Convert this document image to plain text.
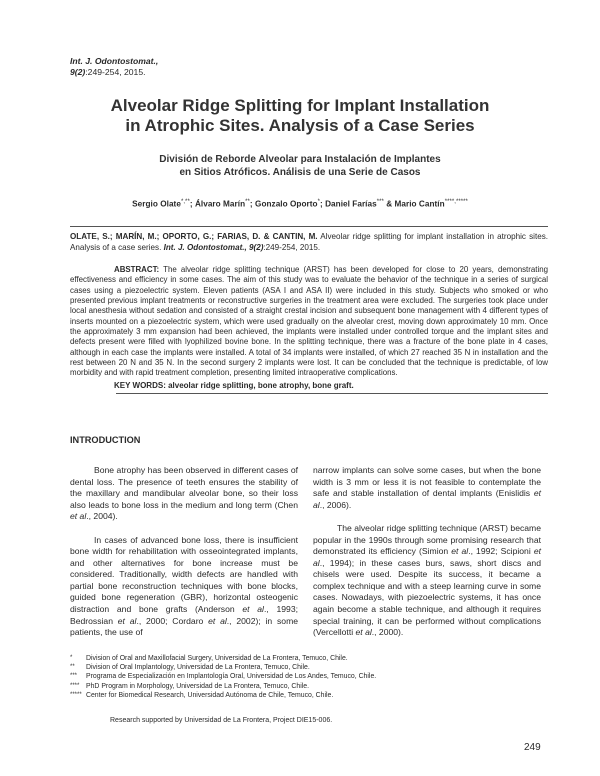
Int. J. Odontostomat.,
9(2):249-254, 2015.
Alveolar Ridge Splitting for Implant Installation
in Atrophic Sites. Analysis of a Case Series
División de Reborde Alveolar para Instalación de Implantes
en Sitios Atróficos. Análisis de una Serie de Casos
Sergio Olate*,**; Álvaro Marín**; Gonzalo Oporto*; Daniel Farías*** & Mario Cantín****,*****
OLATE, S.; MARÍN, M.; OPORTO, G.; FARIAS, D. & CANTIN, M. Alveolar ridge splitting for implant installation in atrophic sites. Analysis of a case series. Int. J. Odontostomat., 9(2):249-254, 2015.
ABSTRACT: The alveolar ridge splitting technique (ARST) has been developed for close to 20 years, demonstrating effectiveness and efficiency in some cases. The aim of this study was to evaluate the behavior of the technique in a series of surgical cases using a piezoelectric system. Eleven patients (ASA I and ASA II) were included in this study. Subjects who smoked or who presented previous implant treatments or reconstructive surgeries in the treatment area were excluded. The surgeries took place under local anesthesia without sedation and consisted of a straight crestal incision and subsequent bone management with 4 different types of inserts mounted on a piezoelectric system, which were used gradually on the alveolar crest, moving down approximately 10 mm. Once the approximately 3 mm expansion had been achieved, the implants were installed under controlled torque and the implant sites and defects present were filled with lyophilized bovine bone. In the splitting technique, there was a fracture of the bone plate in 4 cases, although in each case the implants were installed. A total of 34 implants were installed, of which 27 reached 35 N in installation and the rest between 20 N and 35 N. In the second surgery 2 implants were lost. It can be concluded that the technique is predictable, of low morbidity and with rapid treatment completion, presenting limited intraoperative complications.
KEY WORDS: alveolar ridge splitting, bone atrophy, bone graft.
INTRODUCTION

Bone atrophy has been observed in different cases of dental loss. The presence of teeth ensures the stability of the maxillary and mandibular alveolar bone, so their loss also leads to bone loss in the medium and long term (Chen et al., 2004).

In cases of advanced bone loss, there is insufficient bone width for rehabilitation with osseointegrated implants, and other alternatives for bone increase must be considered. Traditionally, width defects are handled with partial bone reconstruction techniques with bone blocks, guided bone regeneration (GBR), horizontal osteogenic distraction and bone grafts (Anderson et al., 1993; Bedrossian et al., 2000; Cordaro et al., 2002); in some patients, the use of

narrow implants can solve some cases, but when the bone width is 3 mm or less it is not feasible to contemplate the safe and stable installation of dental implants (Enislidis et al., 2006).

The alveolar ridge splitting technique (ARST) became popular in the 1990s through some promising research that demonstrated its efficiency (Simion et al., 1992; Scipioni et al., 1994); in these cases burs, saws, short discs and chisels were used. Despite its success, it became a complex technique and with a steep learning curve in some cases. Nowadays, with piezoelectric systems, it has once again become a stable technique, and although it requires special training, it can be performed without complications (Vercellotti et al., 2000).

*	Division of Oral and Maxillofacial Surgery, Universidad de La Frontera, Temuco, Chile.
**	Division of Oral Implantology, Universidad de La Frontera, Temuco, Chile.
***	Programa de Especialización en Implantología Oral, Universidad de Los Andes, Temuco, Chile.
**** PhD Program in Morphology, Universidad de La Frontera, Temuco, Chile.
***** Center for Biomedical Research, Universidad Autónoma de Chile, Temuco, Chile.
Research supported by Universidad de La Frontera, Project DIE15-006.
249
